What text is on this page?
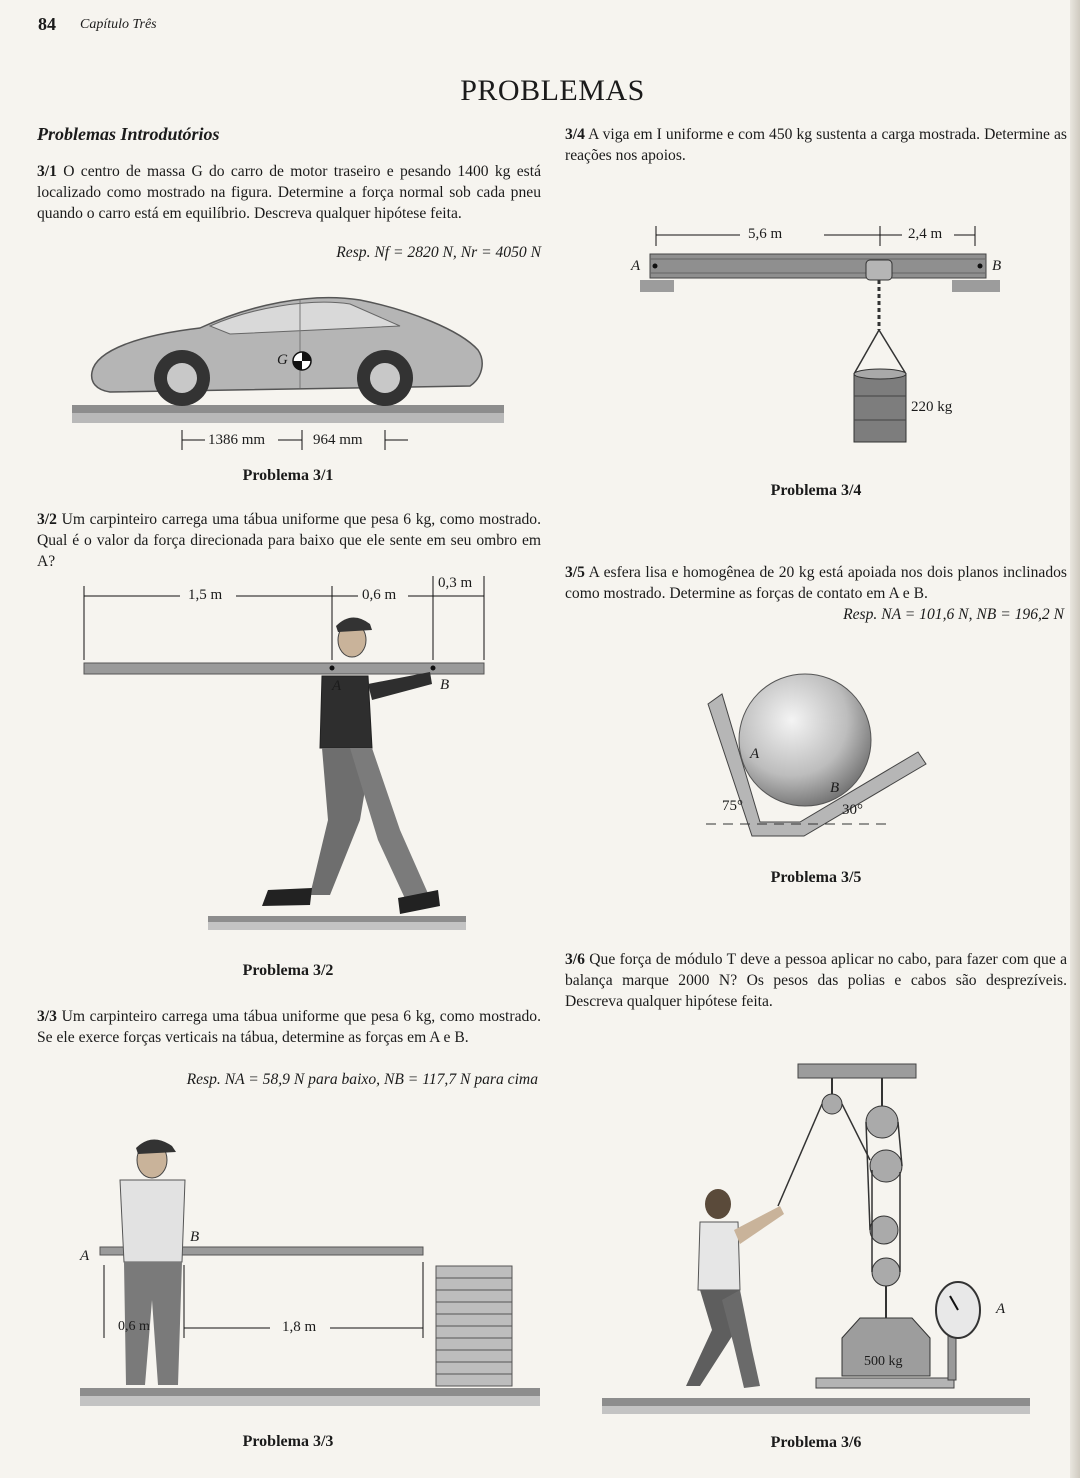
84 Capítulo Três
PROBLEMAS
Problemas Introdutórios
3/1 O centro de massa G do carro de motor traseiro e pesando 1400 kg está localizado como mostrado na figura. Determine a força normal sob cada pneu quando o carro está em equilíbrio. Descreva qualquer hipótese feita.
Resp. Nf = 2820 N, Nr = 4050 N
G
1386 mm	964 mm
Problema 3/1
3/2 Um carpinteiro carrega uma tábua uniforme que pesa 6 kg, como mostrado. Qual é o valor da força direcionada para baixo que ele sente em seu ombro em A?
1,5 m	0,6 m
0,3 m
A	B
Problema 3/2
3/3 Um carpinteiro carrega uma tábua uniforme que pesa 6 kg, como mostrado. Se ele exerce forças verticais na tábua, determine as forças em A e B.
Resp. NA = 58,9 N para baixo, NB = 117,7 N para cima
A
B
0,6 m	1,8 m
Problema 3/3
3/4 A viga em I uniforme e com 450 kg sustenta a carga mostrada. Determine as reações nos apoios.
5,6 m	2,4 m
A	B
220 kg
Problema 3/4
3/5 A esfera lisa e homogênea de 20 kg está apoiada nos dois planos inclinados como mostrado. Determine as forças de contato em A e B.
Resp. NA = 101,6 N, NB = 196,2 N
A
B
75°	30°
Problema 3/5
3/6 Que força de módulo T deve a pessoa aplicar no cabo, para fazer com que a balança marque 2000 N? Os pesos das polias e cabos são desprezíveis. Descreva qualquer hipótese feita.
500 kg
A
Problema 3/6
